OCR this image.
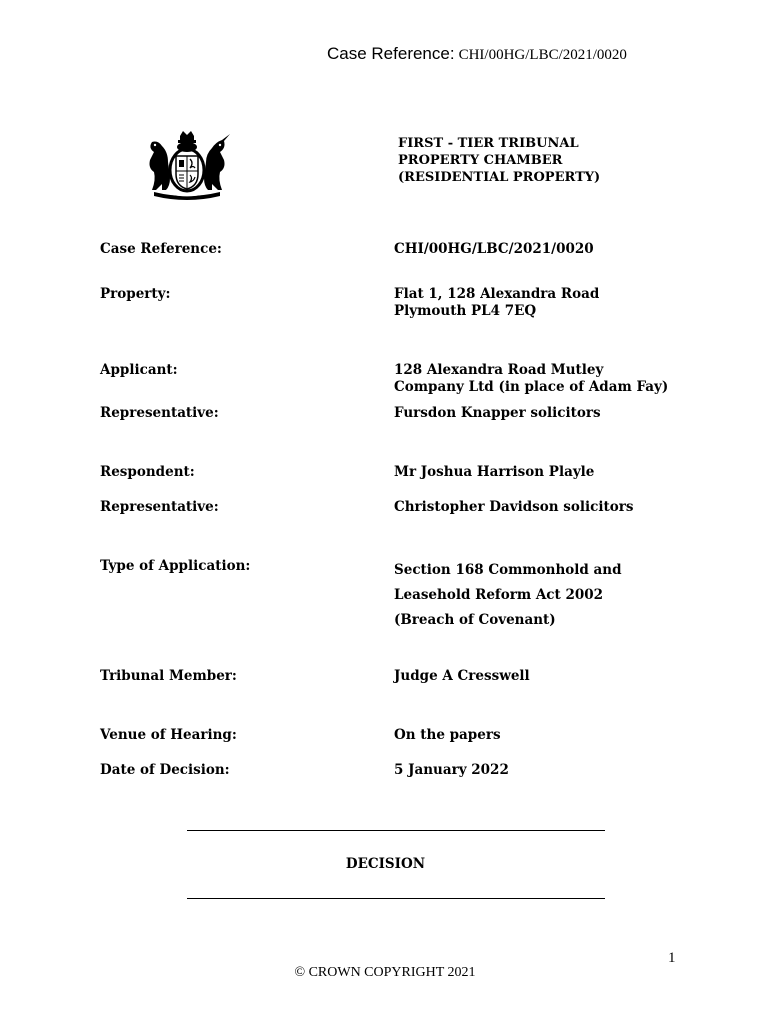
Case Reference: CHI/00HG/LBC/2021/0020
FIRST - TIER TRIBUNAL
PROPERTY CHAMBER
(RESIDENTIAL PROPERTY)
Case Reference:	CHI/00HG/LBC/2021/0020
Property:	Flat 1, 128 Alexandra Road
Plymouth PL4 7EQ
Applicant:	128 Alexandra Road Mutley
Company Ltd (in place of Adam Fay)
Representative:	Fursdon Knapper solicitors
Respondent:	Mr Joshua Harrison Playle
Representative:	Christopher Davidson solicitors
Type of Application:	Section 168 Commonhold and
Leasehold Reform Act 2002
(Breach of Covenant)
Tribunal Member:	Judge A Cresswell
Venue of Hearing:	On the papers
Date of Decision:	5 January 2022
DECISION
1
© CROWN COPYRIGHT 2021
